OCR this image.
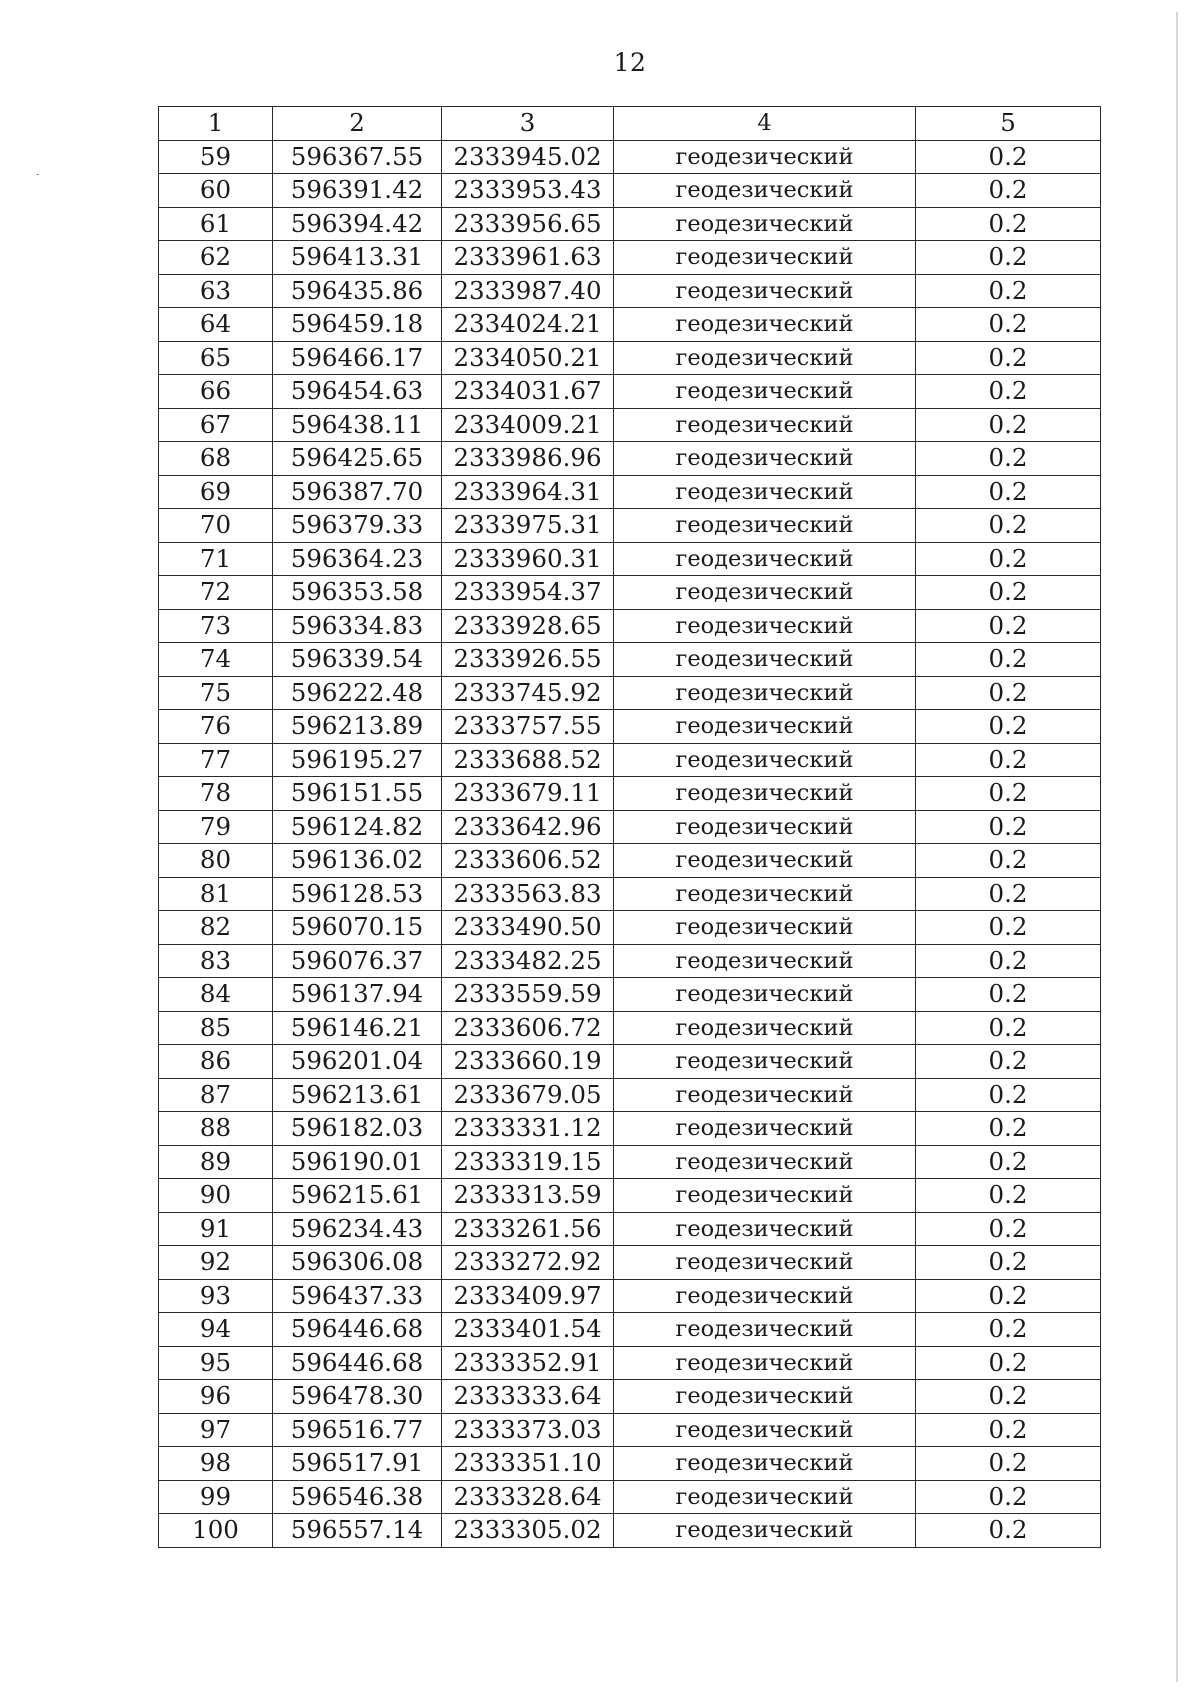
12
1	2	3	4	5
59	596367.55	2333945.02	геодезический	0.2
60	596391.42	2333953.43	геодезический	0.2
61	596394.42	2333956.65	геодезический	0.2
62	596413.31	2333961.63	геодезический	0.2
63	596435.86	2333987.40	геодезический	0.2
64	596459.18	2334024.21	геодезический	0.2
65	596466.17	2334050.21	геодезический	0.2
66	596454.63	2334031.67	геодезический	0.2
67	596438.11	2334009.21	геодезический	0.2
68	596425.65	2333986.96	геодезический	0.2
69	596387.70	2333964.31	геодезический	0.2
70	596379.33	2333975.31	геодезический	0.2
71	596364.23	2333960.31	геодезический	0.2
72	596353.58	2333954.37	геодезический	0.2
73	596334.83	2333928.65	геодезический	0.2
74	596339.54	2333926.55	геодезический	0.2
75	596222.48	2333745.92	геодезический	0.2
76	596213.89	2333757.55	геодезический	0.2
77	596195.27	2333688.52	геодезический	0.2
78	596151.55	2333679.11	геодезический	0.2
79	596124.82	2333642.96	геодезический	0.2
80	596136.02	2333606.52	геодезический	0.2
81	596128.53	2333563.83	геодезический	0.2
82	596070.15	2333490.50	геодезический	0.2
83	596076.37	2333482.25	геодезический	0.2
84	596137.94	2333559.59	геодезический	0.2
85	596146.21	2333606.72	геодезический	0.2
86	596201.04	2333660.19	геодезический	0.2
87	596213.61	2333679.05	геодезический	0.2
88	596182.03	2333331.12	геодезический	0.2
89	596190.01	2333319.15	геодезический	0.2
90	596215.61	2333313.59	геодезический	0.2
91	596234.43	2333261.56	геодезический	0.2
92	596306.08	2333272.92	геодезический	0.2
93	596437.33	2333409.97	геодезический	0.2
94	596446.68	2333401.54	геодезический	0.2
95	596446.68	2333352.91	геодезический	0.2
96	596478.30	2333333.64	геодезический	0.2
97	596516.77	2333373.03	геодезический	0.2
98	596517.91	2333351.10	геодезический	0.2
99	596546.38	2333328.64	геодезический	0.2
100	596557.14	2333305.02	геодезический	0.2
